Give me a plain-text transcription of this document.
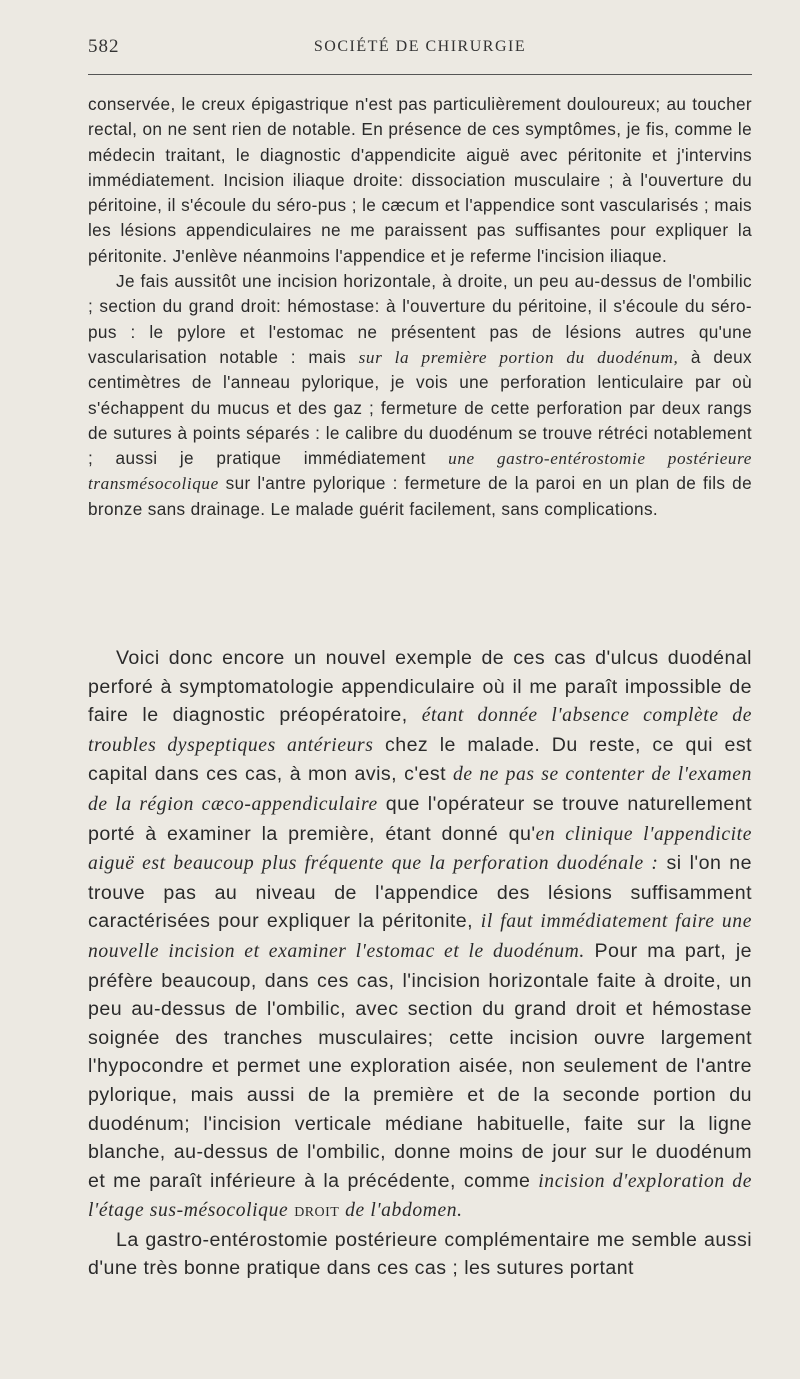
582	SOCIÉTÉ DE CHIRURGIE

conservée, le creux épigastrique n'est pas particulièrement douloureux; au toucher rectal, on ne sent rien de notable. En présence de ces symptômes, je fis, comme le médecin traitant, le diagnostic d'appendicite aiguë avec péritonite et j'intervins immédiatement. Incision iliaque droite: dissociation musculaire ; à l'ouverture du péritoine, il s'écoule du séro-pus ; le cæcum et l'appendice sont vascularisés ; mais les lésions appendiculaires ne me paraissent pas suffisantes pour expliquer la péritonite. J'enlève néanmoins l'appendice et je referme l'incision iliaque.

Je fais aussitôt une incision horizontale, à droite, un peu au-dessus de l'ombilic ; section du grand droit: hémostase: à l'ouverture du péritoine, il s'écoule du séro-pus : le pylore et l'estomac ne présentent pas de lésions autres qu'une vascularisation notable : mais sur la première portion du duodénum, à deux centimètres de l'anneau pylorique, je vois une perforation lenticulaire par où s'échappent du mucus et des gaz ; fermeture de cette perforation par deux rangs de sutures à points séparés : le calibre du duodénum se trouve rétréci notablement ; aussi je pratique immédiatement une gastro-entérostomie postérieure transmésocolique sur l'antre pylorique : fermeture de la paroi en un plan de fils de bronze sans drainage. Le malade guérit facilement, sans complications.

Voici donc encore un nouvel exemple de ces cas d'ulcus duodénal perforé à symptomatologie appendiculaire où il me paraît impossible de faire le diagnostic préopératoire, étant donnée l'absence complète de troubles dyspeptiques antérieurs chez le malade. Du reste, ce qui est capital dans ces cas, à mon avis, c'est de ne pas se contenter de l'examen de la région cæco-appendiculaire que l'opérateur se trouve naturellement porté à examiner la première, étant donné qu'en clinique l'appendicite aiguë est beaucoup plus fréquente que la perforation duodénale : si l'on ne trouve pas au niveau de l'appendice des lésions suffisamment caractérisées pour expliquer la péritonite, il faut immédiatement faire une nouvelle incision et examiner l'estomac et le duodénum. Pour ma part, je préfère beaucoup, dans ces cas, l'incision horizontale faite à droite, un peu au-dessus de l'ombilic, avec section du grand droit et hémostase soignée des tranches musculaires; cette incision ouvre largement l'hypocondre et permet une exploration aisée, non seulement de l'antre pylorique, mais aussi de la première et de la seconde portion du duodénum; l'incision verticale médiane habituelle, faite sur la ligne blanche, au-dessus de l'ombilic, donne moins de jour sur le duodénum et me paraît inférieure à la précédente, comme incision d'exploration de l'étage sus-mésocolique droit de l'abdomen.

La gastro-entérostomie postérieure complémentaire me semble aussi d'une très bonne pratique dans ces cas ; les sutures portant
